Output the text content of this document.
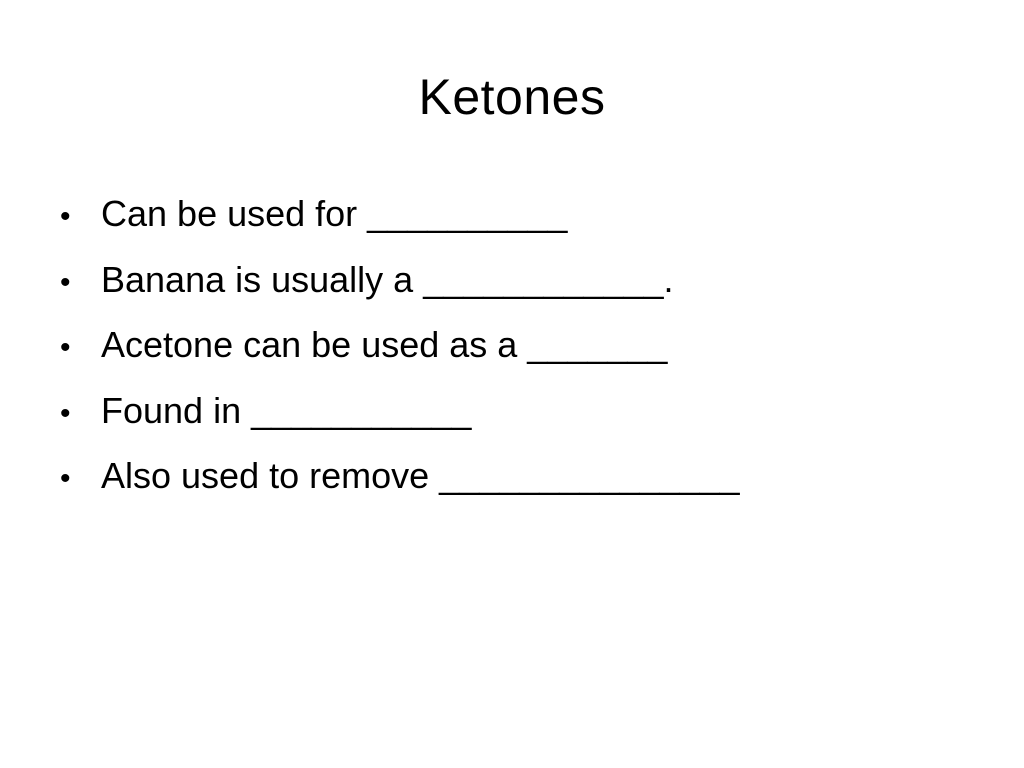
Ketones
• Can be used for __________
• Banana is usually a ____________.
• Acetone can be used as a _______
• Found in ___________
• Also used to remove _______________
